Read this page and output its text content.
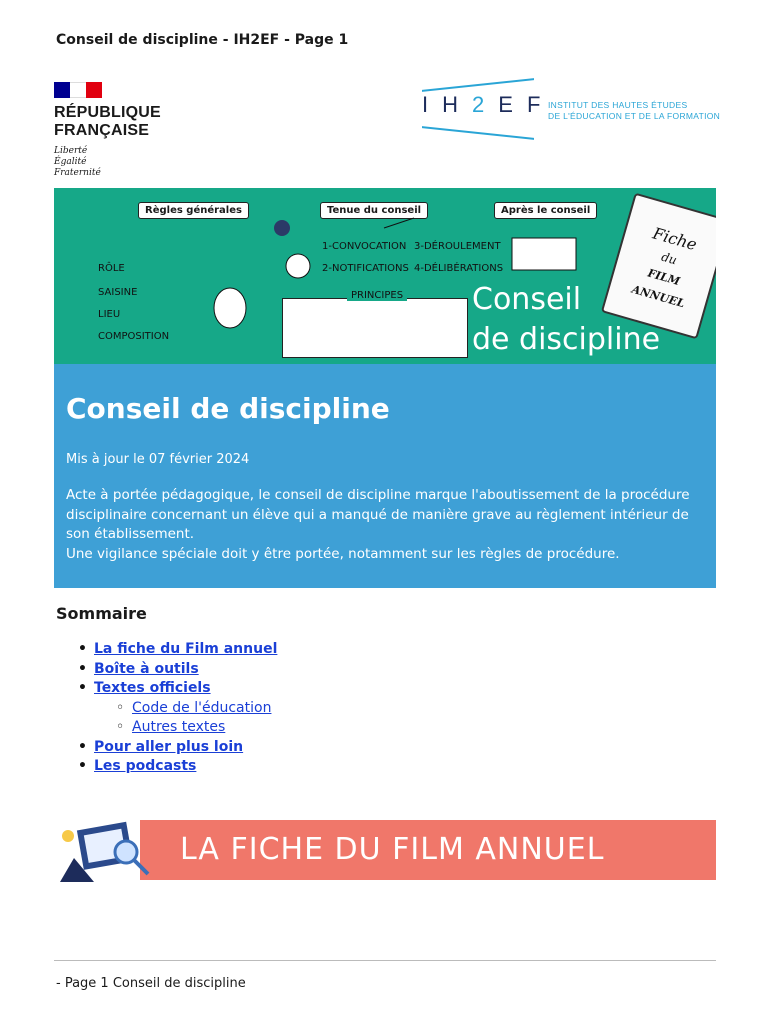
Conseil de discipline - IH2EF - Page 1
RÉPUBLIQUE
FRANÇAISE
Liberté
Égalité
Fraternité
IH2EF
INSTITUT DES HAUTES ÉTUDES
DE L'ÉDUCATION ET DE LA FORMATION
Règles générales	Tenue du conseil	Après le conseil
RÔLE
SAISINE
LIEU
COMPOSITION
1-CONVOCATION
2-NOTIFICATIONS
3-DÉROULEMENT
4-DÉLIBÉRATIONS
PRINCIPES
Fiche
du
FILM ANNUEL
Conseil
de discipline
Conseil de discipline
Mis à jour le 07 février 2024
Acte à portée pédagogique, le conseil de discipline marque l'aboutissement de la procédure disciplinaire concernant un élève qui a manqué de manière grave au règlement intérieur de son établissement.
Une vigilance spéciale doit y être portée, notamment sur les règles de procédure.
Sommaire
• La fiche du Film annuel
• Boîte à outils
• Textes officiels
◦ Code de l'éducation
◦ Autres textes
• Pour aller plus loin
• Les podcasts
LA FICHE DU FILM ANNUEL
- Page 1 Conseil de discipline
